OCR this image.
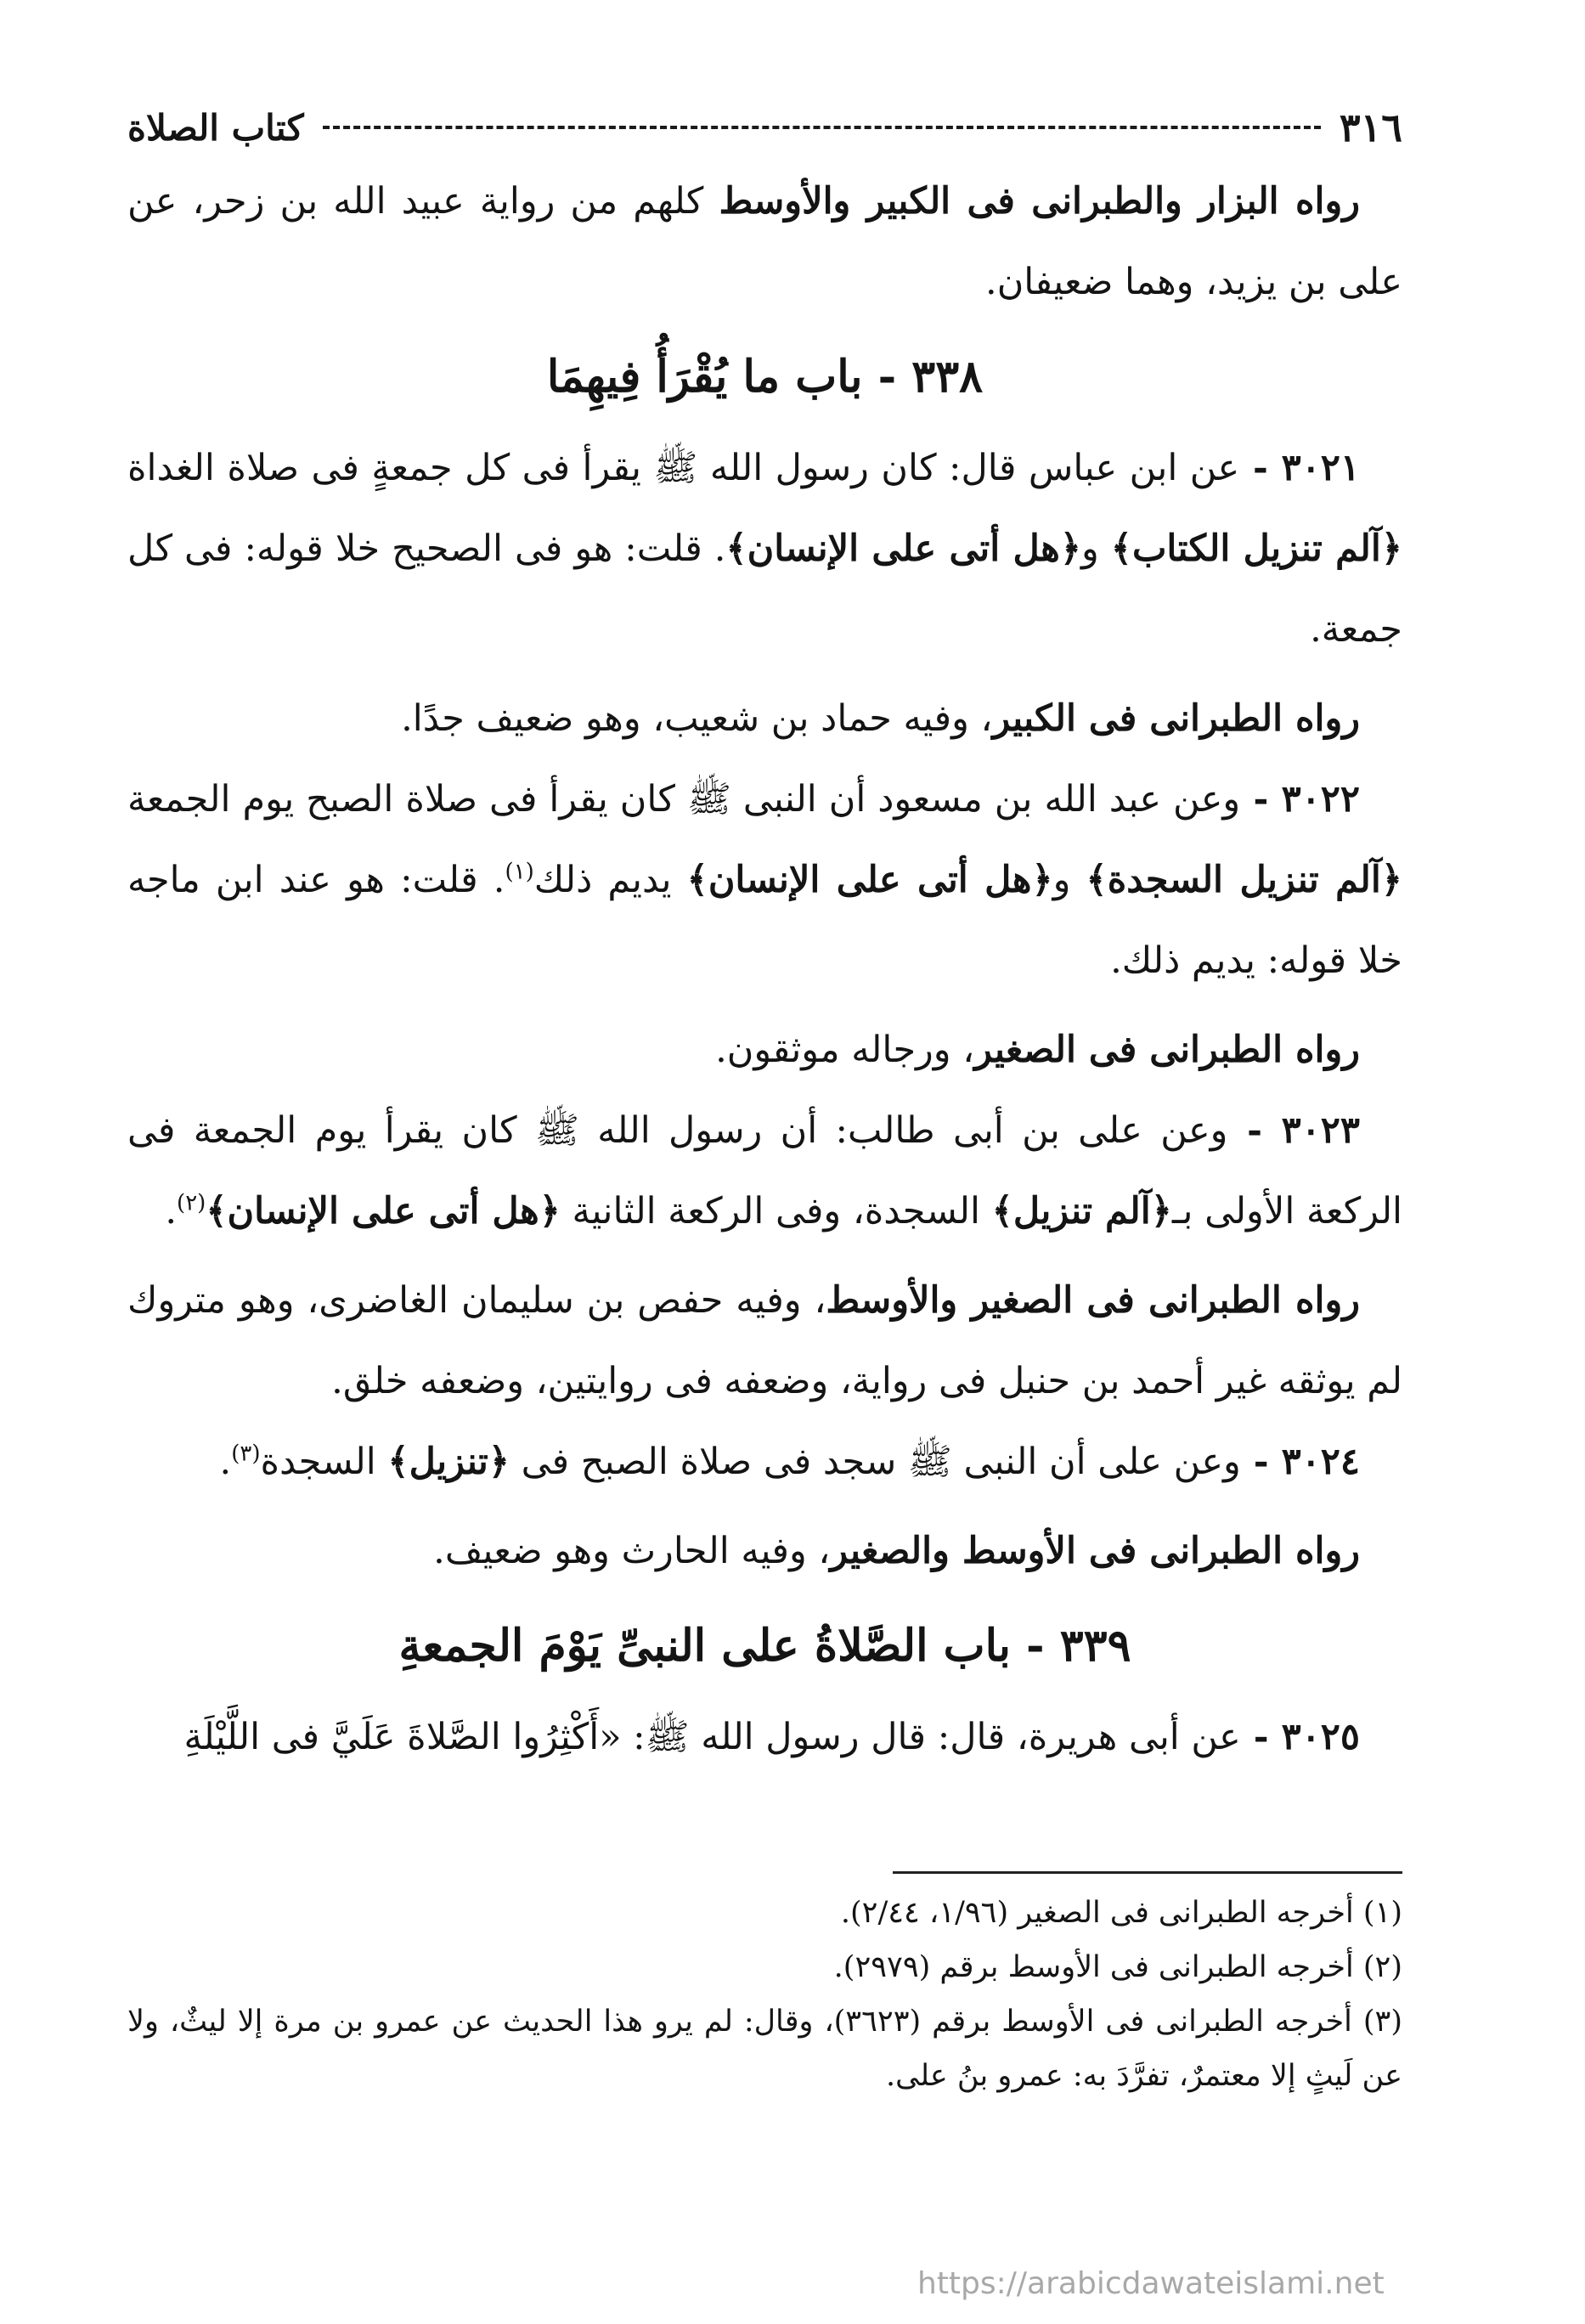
٣١٦
كتاب الصلاة

رواه البزار والطبرانى فى الكبير والأوسط كلهم من رواية عبيد الله بن زحر، عن على بن يزيد، وهما ضعيفان.

٣٣٨ - باب ما يُقْرَأُ فِيهِمَا

٣٠٢١ - عن ابن عباس قال: كان رسول الله ﷺ يقرأ فى كل جمعةٍ فى صلاة الغداة ﴿آلم تنزيل الكتاب﴾ و﴿هل أتى على الإنسان﴾. قلت: هو فى الصحيح خلا قوله: فى كل جمعة.

رواه الطبرانى فى الكبير، وفيه حماد بن شعيب، وهو ضعيف جدًا.

٣٠٢٢ - وعن عبد الله بن مسعود أن النبى ﷺ كان يقرأ فى صلاة الصبح يوم الجمعة ﴿آلم تنزيل السجدة﴾ و﴿هل أتى على الإنسان﴾ يديم ذلك$^{(١)}$. قلت: هو عند ابن ماجه خلا قوله: يديم ذلك.

رواه الطبرانى فى الصغير، ورجاله موثقون.

٣٠٢٣ - وعن على بن أبى طالب: أن رسول الله ﷺ كان يقرأ يوم الجمعة فى الركعة الأولى بـ﴿آلم تنزيل﴾ السجدة، وفى الركعة الثانية ﴿هل أتى على الإنسان﴾$^{(٢)}$.

رواه الطبرانى فى الصغير والأوسط، وفيه حفص بن سليمان الغاضرى، وهو متروك لم يوثقه غير أحمد بن حنبل فى رواية، وضعفه فى روايتين، وضعفه خلق.

٣٠٢٤ - وعن على أن النبى ﷺ سجد فى صلاة الصبح فى ﴿تنزيل﴾ السجدة$^{(٣)}$.

رواه الطبرانى فى الأوسط والصغير، وفيه الحارث وهو ضعيف.

٣٣٩ - باب الصَّلاةُ على النبىِّ يَوْمَ الجمعةِ

٣٠٢٥ - عن أبى هريرة، قال: قال رسول الله ﷺ: «أَكْثِرُوا الصَّلاةَ عَلَيَّ فى اللَّيْلَةِ

(١) أخرجه الطبرانى فى الصغير (١/٩٦، ٢/٤٤).

(٢) أخرجه الطبرانى فى الأوسط برقم (٢٩٧٩).

(٣) أخرجه الطبرانى فى الأوسط برقم (٣٦٢٣)، وقال: لم يرو هذا الحديث عن عمرو بن مرة إلا ليثٌ، ولا عن لَيثٍ إلا معتمرٌ، تفرَّدَ به: عمرو بنُ على.

https://arabicdawateislami.net
